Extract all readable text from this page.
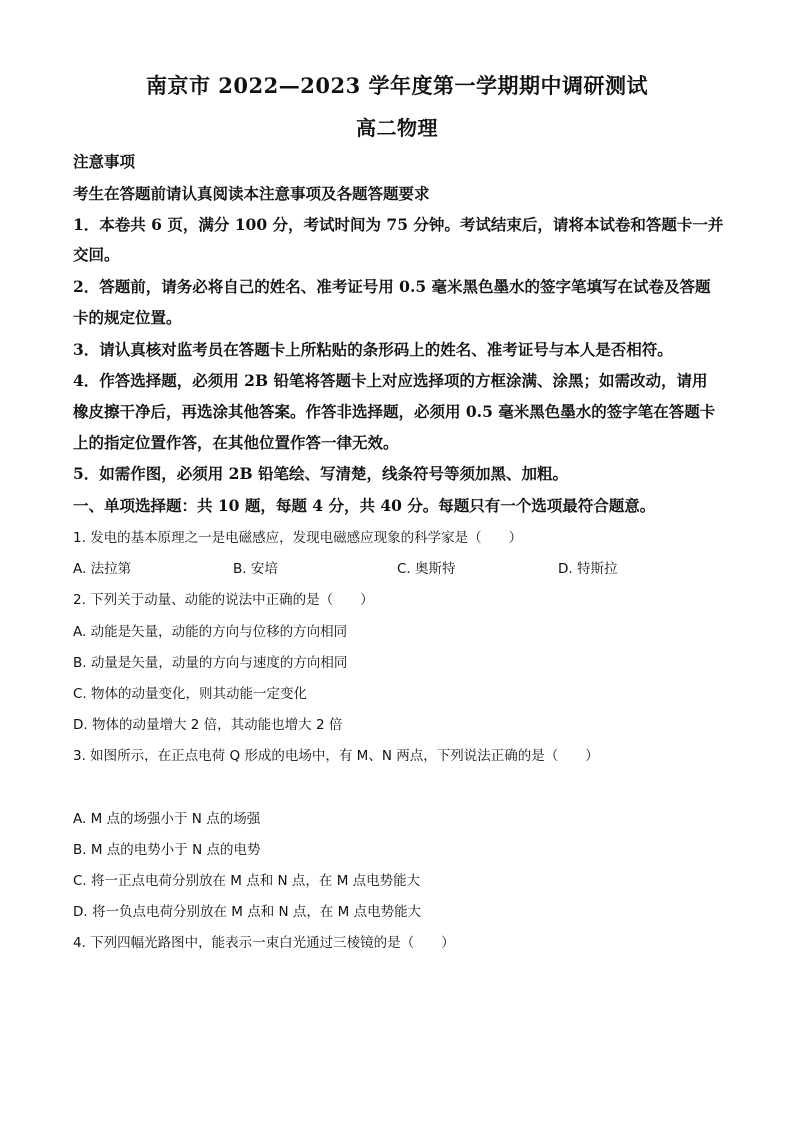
南京市 2022—2023 学年度第一学期期中调研测试
高二物理
注意事项
考生在答题前请认真阅读本注意事项及各题答题要求
1．本卷共 6 页，满分 100 分，考试时间为 75 分钟。考试结束后，请将本试卷和答题卡一并
交回。
2．答题前，请务必将自己的姓名、准考证号用 0.5 毫米黑色墨水的签字笔填写在试卷及答题
卡的规定位置。
3．请认真核对监考员在答题卡上所粘贴的条形码上的姓名、准考证号与本人是否相符。
4．作答选择题，必须用 2B 铅笔将答题卡上对应选择项的方框涂满、涂黑；如需改动，请用
橡皮擦干净后，再选涂其他答案。作答非选择题，必须用 0.5 毫米黑色墨水的签字笔在答题卡
上的指定位置作答，在其他位置作答一律无效。
5．如需作图，必须用 2B 铅笔绘、写清楚，线条符号等须加黑、加粗。
一、单项选择题：共 10 题，每题 4 分，共 40 分。每题只有一个选项最符合题意。
1. 发电的基本原理之一是电磁感应，发现电磁感应现象的科学家是（　　）
A. 法拉第	B. 安培	C. 奥斯特	D. 特斯拉
2. 下列关于动量、动能的说法中正确的是（　　）
A. 动能是矢量，动能的方向与位移的方向相同
B. 动量是矢量，动量的方向与速度的方向相同
C. 物体的动量变化，则其动能一定变化
D. 物体的动量增大 2 倍，其动能也增大 2 倍
3. 如图所示，在正点电荷 Q 形成的电场中，有 M、N 两点，下列说法正确的是（　　）
A. M 点的场强小于 N 点的场强
B. M 点的电势小于 N 点的电势
C. 将一正点电荷分别放在 M 点和 N 点，在 M 点电势能大
D. 将一负点电荷分别放在 M 点和 N 点，在 M 点电势能大
4. 下列四幅光路图中，能表示一束白光通过三棱镜的是（　　）
